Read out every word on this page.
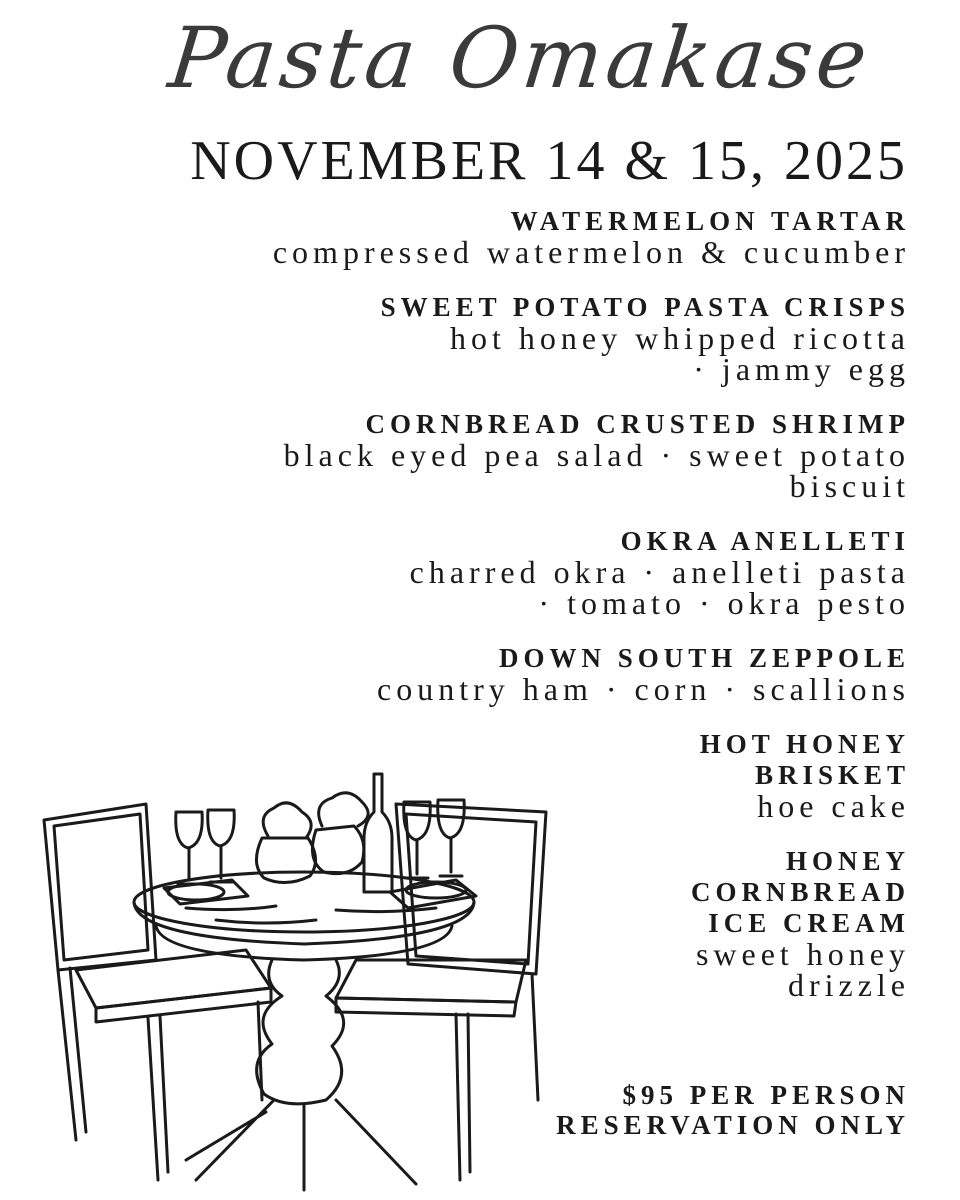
Pasta Omakase
NOVEMBER 14 & 15, 2025
WATERMELON TARTAR
compressed watermelon & cucumber
SWEET POTATO PASTA CRISPS
hot honey whipped ricotta
· jammy egg
CORNBREAD CRUSTED SHRIMP
black eyed pea salad · sweet potato
biscuit
OKRA ANELLETI
charred okra · anelleti pasta
· tomato · okra pesto
DOWN SOUTH ZEPPOLE
country ham · corn · scallions
HOT HONEY
BRISKET
hoe cake
HONEY
CORNBREAD
ICE CREAM
sweet honey
drizzle
$95 PER PERSON
RESERVATION ONLY
